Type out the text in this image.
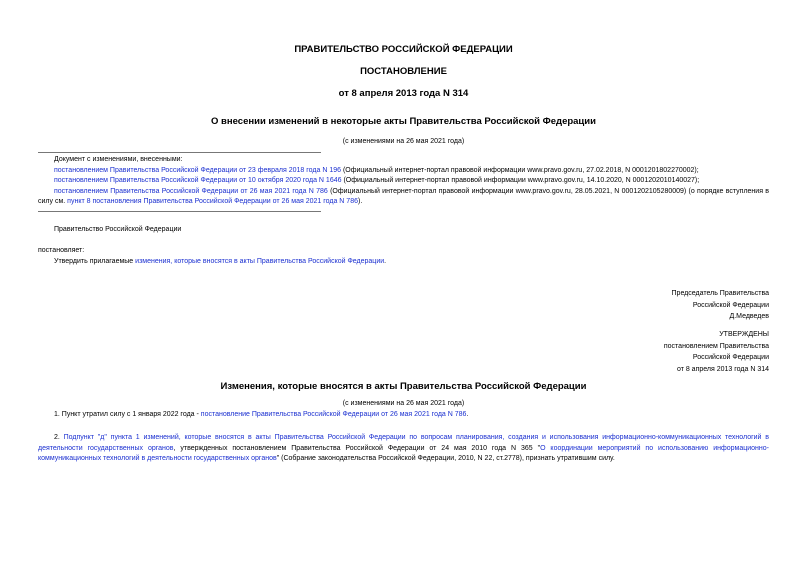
ПРАВИТЕЛЬСТВО РОССИЙСКОЙ ФЕДЕРАЦИИ
ПОСТАНОВЛЕНИЕ
от 8 апреля 2013 года N 314
О внесении изменений в некоторые акты Правительства Российской Федерации
(с изменениями на 26 мая 2021 года)
Документ с изменениями, внесенными:
постановлением Правительства Российской Федерации от 23 февраля 2018 года N 196 (Официальный интернет-портал правовой информации www.pravo.gov.ru, 27.02.2018, N 0001201802270002);
постановлением Правительства Российской Федерации от 10 октября 2020 года N 1646 (Официальный интернет-портал правовой информации www.pravo.gov.ru, 14.10.2020, N 0001202010140027);
постановлением Правительства Российской Федерации от 26 мая 2021 года N 786 (Официальный интернет-портал правовой информации www.pravo.gov.ru, 28.05.2021, N 0001202105280009) (о порядке вступления в силу см. пункт 8 постановления Правительства Российской Федерации от 26 мая 2021 года N 786).
Правительство Российской Федерации
постановляет:
Утвердить прилагаемые изменения, которые вносятся в акты Правительства Российской Федерации.
Председатель Правительства
Российской Федерации
Д.Медведев
УТВЕРЖДЕНЫ
постановлением Правительства
Российской Федерации
от 8 апреля 2013 года N 314
Изменения, которые вносятся в акты Правительства Российской Федерации
(с изменениями на 26 мая 2021 года)
1. Пункт утратил силу с 1 января 2022 года - постановление Правительства Российской Федерации от 26 мая 2021 года N 786.
2. Подпункт "д" пункта 1 изменений, которые вносятся в акты Правительства Российской Федерации по вопросам планирования, создания и использования информационно-коммуникационных технологий в деятельности государственных органов, утвержденных постановлением Правительства Российской Федерации от 24 мая 2010 года N 365 "О координации мероприятий по использованию информационно-коммуникационных технологий в деятельности государственных органов" (Собрание законодательства Российской Федерации, 2010, N 22, ст.2778), признать утратившим силу.
